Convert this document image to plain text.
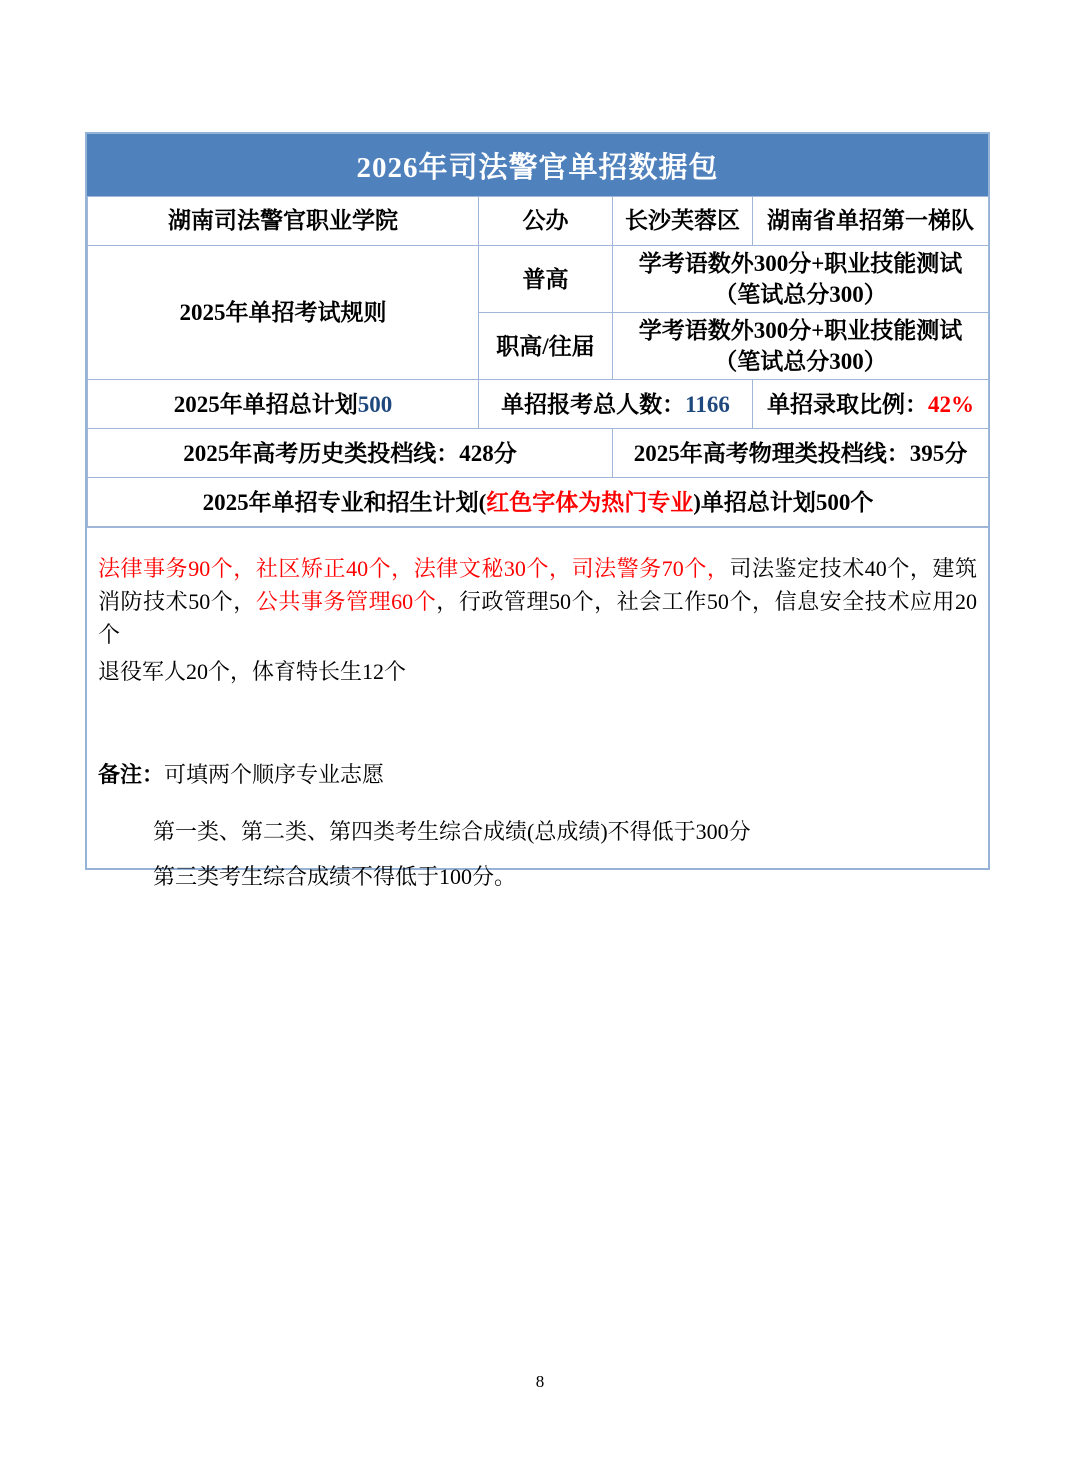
2026年司法警官单招数据包
湖南司法警官职业学院	公办	长沙芙蓉区	湖南省单招第一梯队
2025年单招考试规则	普高	学考语数外300分+职业技能测试（笔试总分300）	
	职高/往届	学考语数外300分+职业技能测试（笔试总分300）	
2025年单招总计划500	单招报考总人数：1166		单招录取比例：42%
2025年高考历史类投档线：428分		2025年高考物理类投档线：395分	
2025年单招专业和招生计划(红色字体为热门专业)单招总计划500个			

法律事务90个，社区矫正40个，法律文秘30个，司法警务70个，司法鉴定技术40个，建筑消防技术50个，公共事务管理60个，行政管理50个，社会工作50个，信息安全技术应用20个

退役军人20个，体育特长生12个

备注：可填两个顺序专业志愿

第一类、第二类、第四类考生综合成绩(总成绩)不得低于300分

第三类考生综合成绩不得低于100分。

8
